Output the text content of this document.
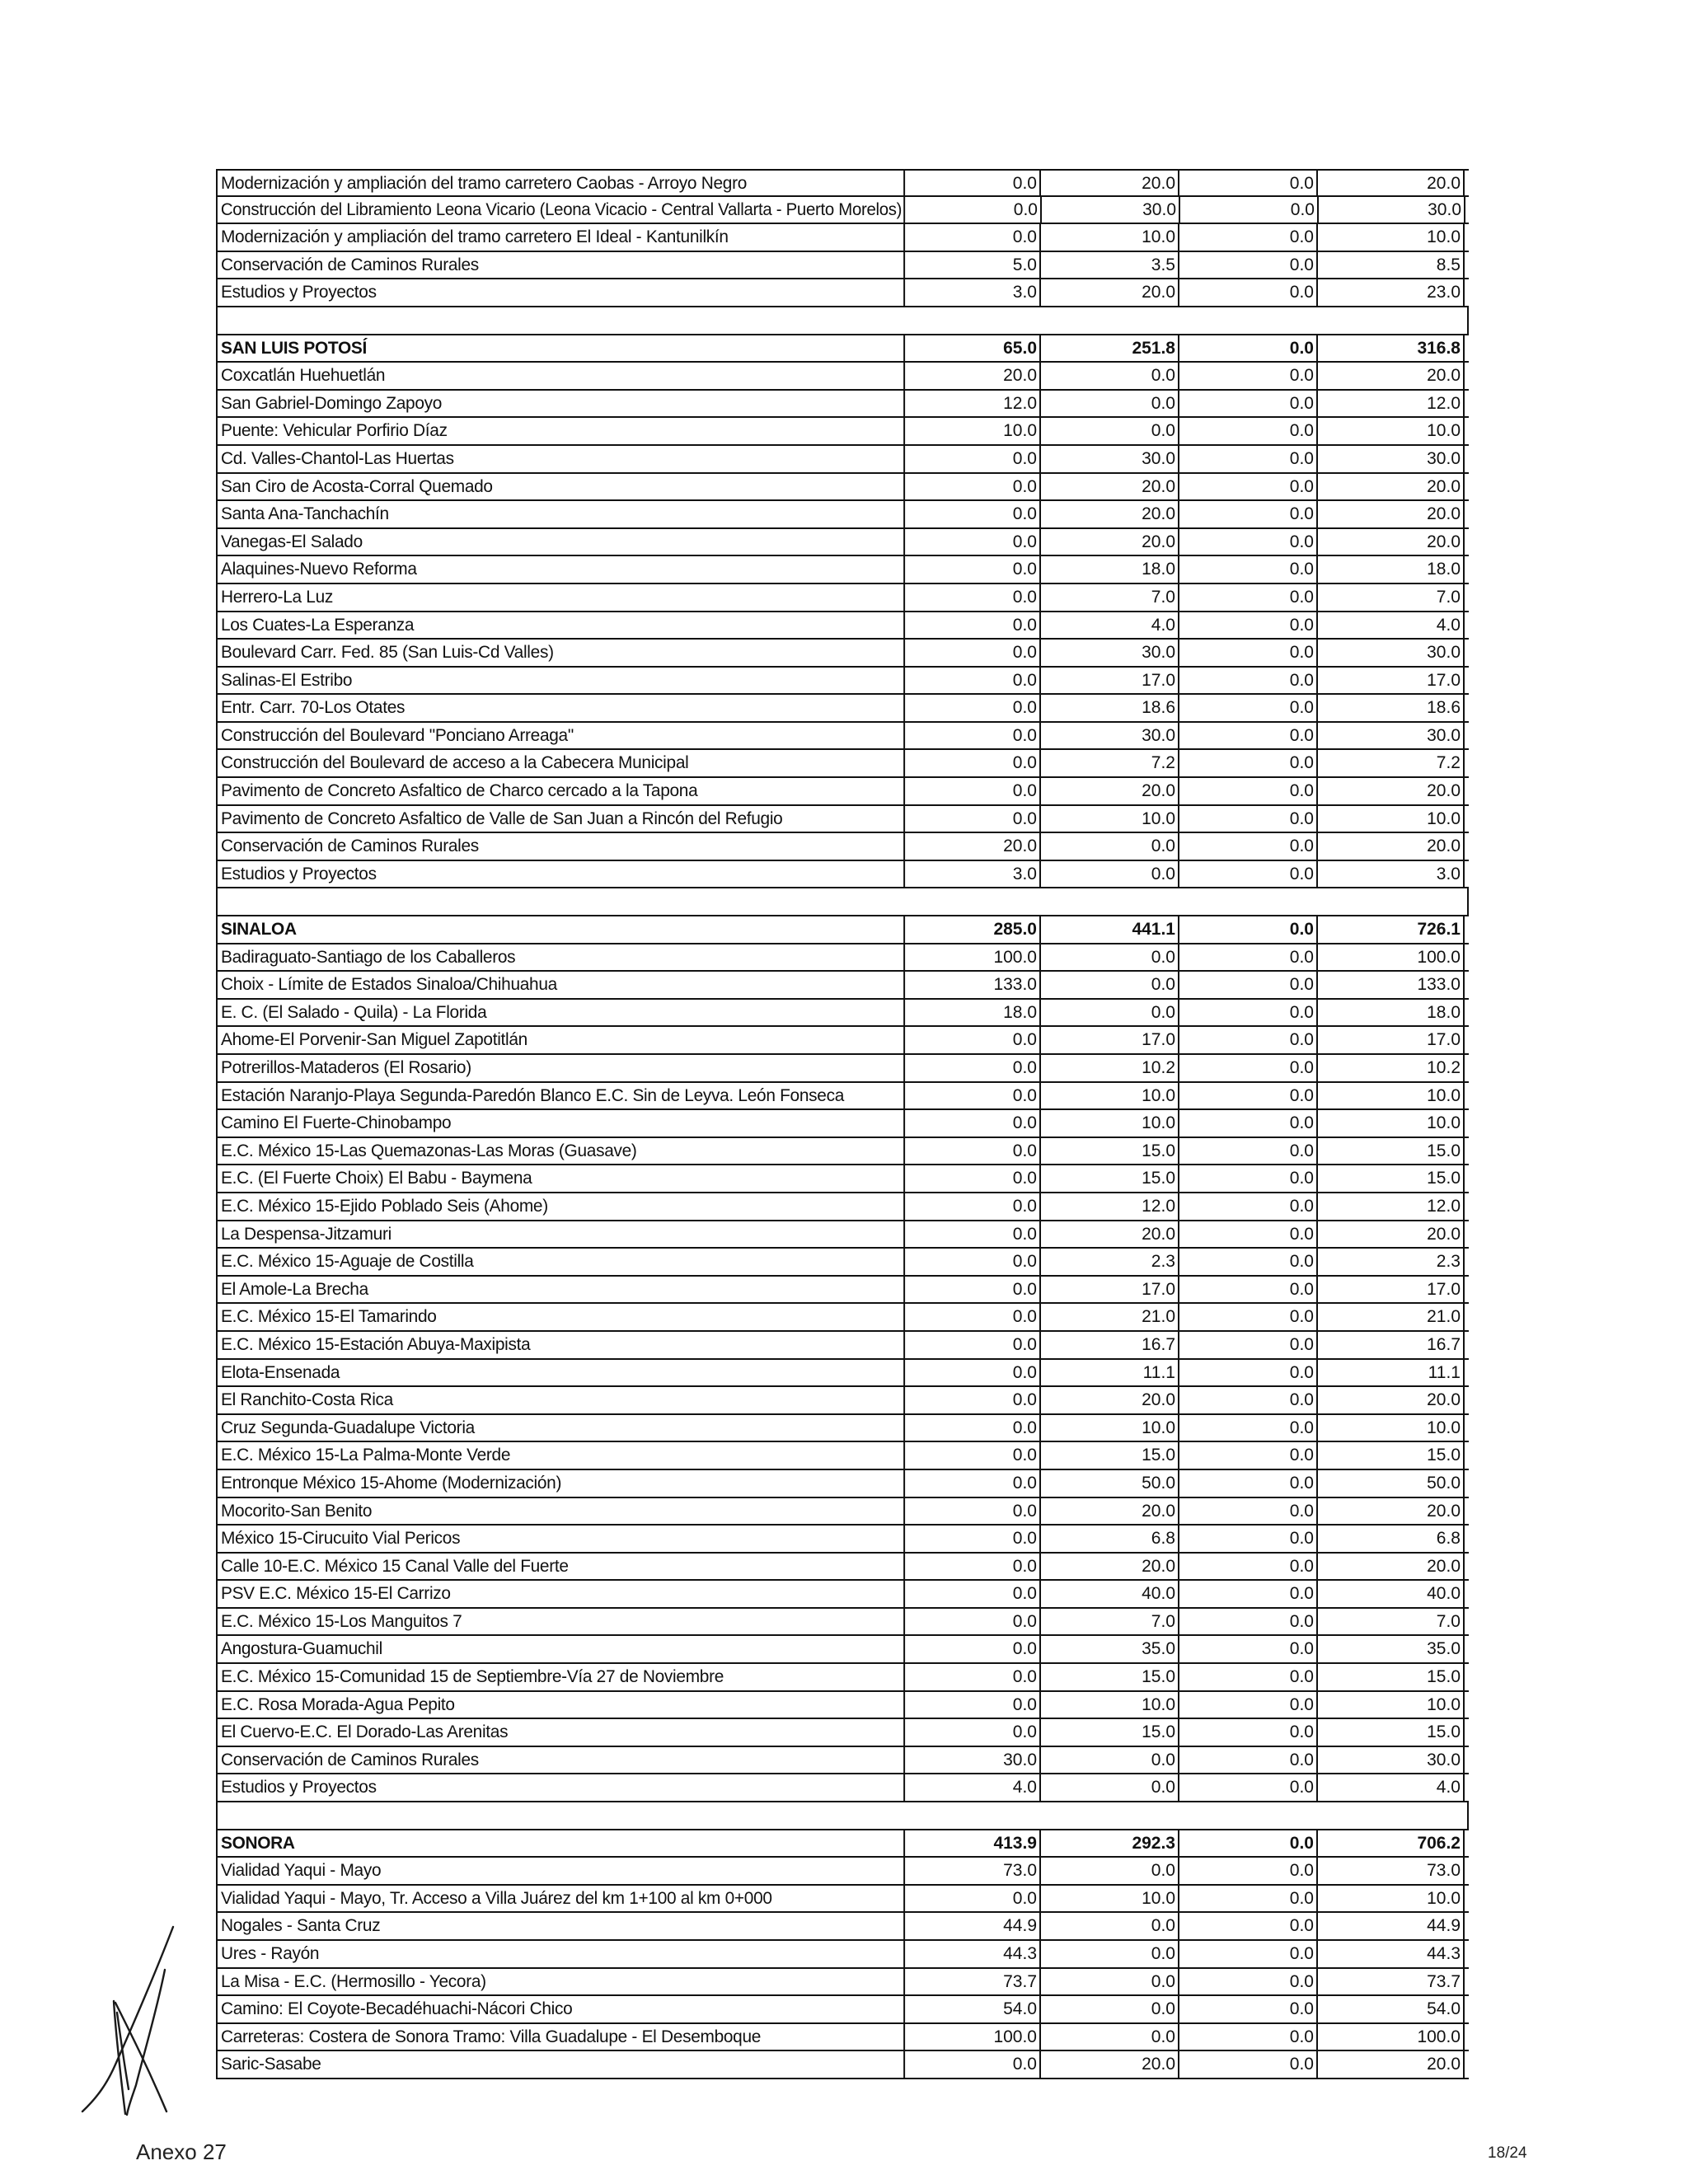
Modernización y ampliación del tramo carretero Caobas - Arroyo Negro	0.0	20.0	0.0	20.0
Construcción del Libramiento Leona Vicario (Leona Vicacio - Central Vallarta - Puerto Morelos)	0.0	30.0	0.0	30.0
Modernización y ampliación del tramo carretero El Ideal - Kantunilkín	0.0	10.0	0.0	10.0
Conservación de Caminos Rurales	5.0	3.5	0.0	8.5
Estudios y Proyectos	3.0	20.0	0.0	23.0
SAN LUIS POTOSÍ	65.0	251.8	0.0	316.8
Coxcatlán Huehuetlán	20.0	0.0	0.0	20.0
San Gabriel-Domingo Zapoyo	12.0	0.0	0.0	12.0
Puente: Vehicular Porfirio Díaz	10.0	0.0	0.0	10.0
Cd. Valles-Chantol-Las Huertas	0.0	30.0	0.0	30.0
San Ciro de Acosta-Corral Quemado	0.0	20.0	0.0	20.0
Santa Ana-Tanchachín	0.0	20.0	0.0	20.0
Vanegas-El Salado	0.0	20.0	0.0	20.0
Alaquines-Nuevo Reforma	0.0	18.0	0.0	18.0
Herrero-La Luz	0.0	7.0	0.0	7.0
Los Cuates-La Esperanza	0.0	4.0	0.0	4.0
Boulevard Carr. Fed. 85 (San Luis-Cd Valles)	0.0	30.0	0.0	30.0
Salinas-El Estribo	0.0	17.0	0.0	17.0
Entr. Carr. 70-Los Otates	0.0	18.6	0.0	18.6
Construcción del Boulevard "Ponciano Arreaga"	0.0	30.0	0.0	30.0
Construcción del Boulevard de acceso a la Cabecera Municipal	0.0	7.2	0.0	7.2
Pavimento de Concreto Asfaltico de Charco cercado a la Tapona	0.0	20.0	0.0	20.0
Pavimento de Concreto Asfaltico de Valle de San Juan a Rincón del Refugio	0.0	10.0	0.0	10.0
Conservación de Caminos Rurales	20.0	0.0	0.0	20.0
Estudios y Proyectos	3.0	0.0	0.0	3.0
SINALOA	285.0	441.1	0.0	726.1
Badiraguato-Santiago de los Caballeros	100.0	0.0	0.0	100.0
Choix - Límite de Estados Sinaloa/Chihuahua	133.0	0.0	0.0	133.0
E. C. (El Salado - Quila) - La Florida	18.0	0.0	0.0	18.0
Ahome-El Porvenir-San Miguel Zapotitlán	0.0	17.0	0.0	17.0
Potrerillos-Mataderos (El Rosario)	0.0	10.2	0.0	10.2
Estación Naranjo-Playa Segunda-Paredón Blanco E.C. Sin de Leyva. León Fonseca	0.0	10.0	0.0	10.0
Camino El Fuerte-Chinobampo	0.0	10.0	0.0	10.0
E.C. México 15-Las Quemazonas-Las Moras (Guasave)	0.0	15.0	0.0	15.0
E.C. (El Fuerte Choix) El Babu - Baymena	0.0	15.0	0.0	15.0
E.C. México 15-Ejido Poblado Seis (Ahome)	0.0	12.0	0.0	12.0
La Despensa-Jitzamuri	0.0	20.0	0.0	20.0
E.C. México 15-Aguaje de Costilla	0.0	2.3	0.0	2.3
El Amole-La Brecha	0.0	17.0	0.0	17.0
E.C. México 15-El Tamarindo	0.0	21.0	0.0	21.0
E.C. México 15-Estación Abuya-Maxipista	0.0	16.7	0.0	16.7
Elota-Ensenada	0.0	11.1	0.0	11.1
El Ranchito-Costa Rica	0.0	20.0	0.0	20.0
Cruz Segunda-Guadalupe Victoria	0.0	10.0	0.0	10.0
E.C. México 15-La Palma-Monte Verde	0.0	15.0	0.0	15.0
Entronque México 15-Ahome (Modernización)	0.0	50.0	0.0	50.0
Mocorito-San Benito	0.0	20.0	0.0	20.0
México 15-Cirucuito Vial Pericos	0.0	6.8	0.0	6.8
Calle 10-E.C. México 15 Canal Valle del Fuerte	0.0	20.0	0.0	20.0
PSV E.C. México 15-El Carrizo	0.0	40.0	0.0	40.0
E.C. México 15-Los Manguitos 7	0.0	7.0	0.0	7.0
Angostura-Guamuchil	0.0	35.0	0.0	35.0
E.C. México 15-Comunidad 15 de Septiembre-Vía 27 de Noviembre	0.0	15.0	0.0	15.0
E.C. Rosa Morada-Agua Pepito	0.0	10.0	0.0	10.0
El Cuervo-E.C. El Dorado-Las Arenitas	0.0	15.0	0.0	15.0
Conservación de Caminos Rurales	30.0	0.0	0.0	30.0
Estudios y Proyectos	4.0	0.0	0.0	4.0
SONORA	413.9	292.3	0.0	706.2
Vialidad Yaqui - Mayo	73.0	0.0	0.0	73.0
Vialidad Yaqui - Mayo, Tr. Acceso a Villa Juárez del km 1+100 al km 0+000	0.0	10.0	0.0	10.0
Nogales - Santa Cruz	44.9	0.0	0.0	44.9
Ures - Rayón	44.3	0.0	0.0	44.3
La Misa - E.C. (Hermosillo - Yecora)	73.7	0.0	0.0	73.7
Camino: El Coyote-Becadéhuachi-Nácori Chico	54.0	0.0	0.0	54.0
Carreteras: Costera de Sonora Tramo: Villa Guadalupe - El Desemboque	100.0	0.0	0.0	100.0
Saric-Sasabe	0.0	20.0	0.0	20.0
Anexo 27	18/24
